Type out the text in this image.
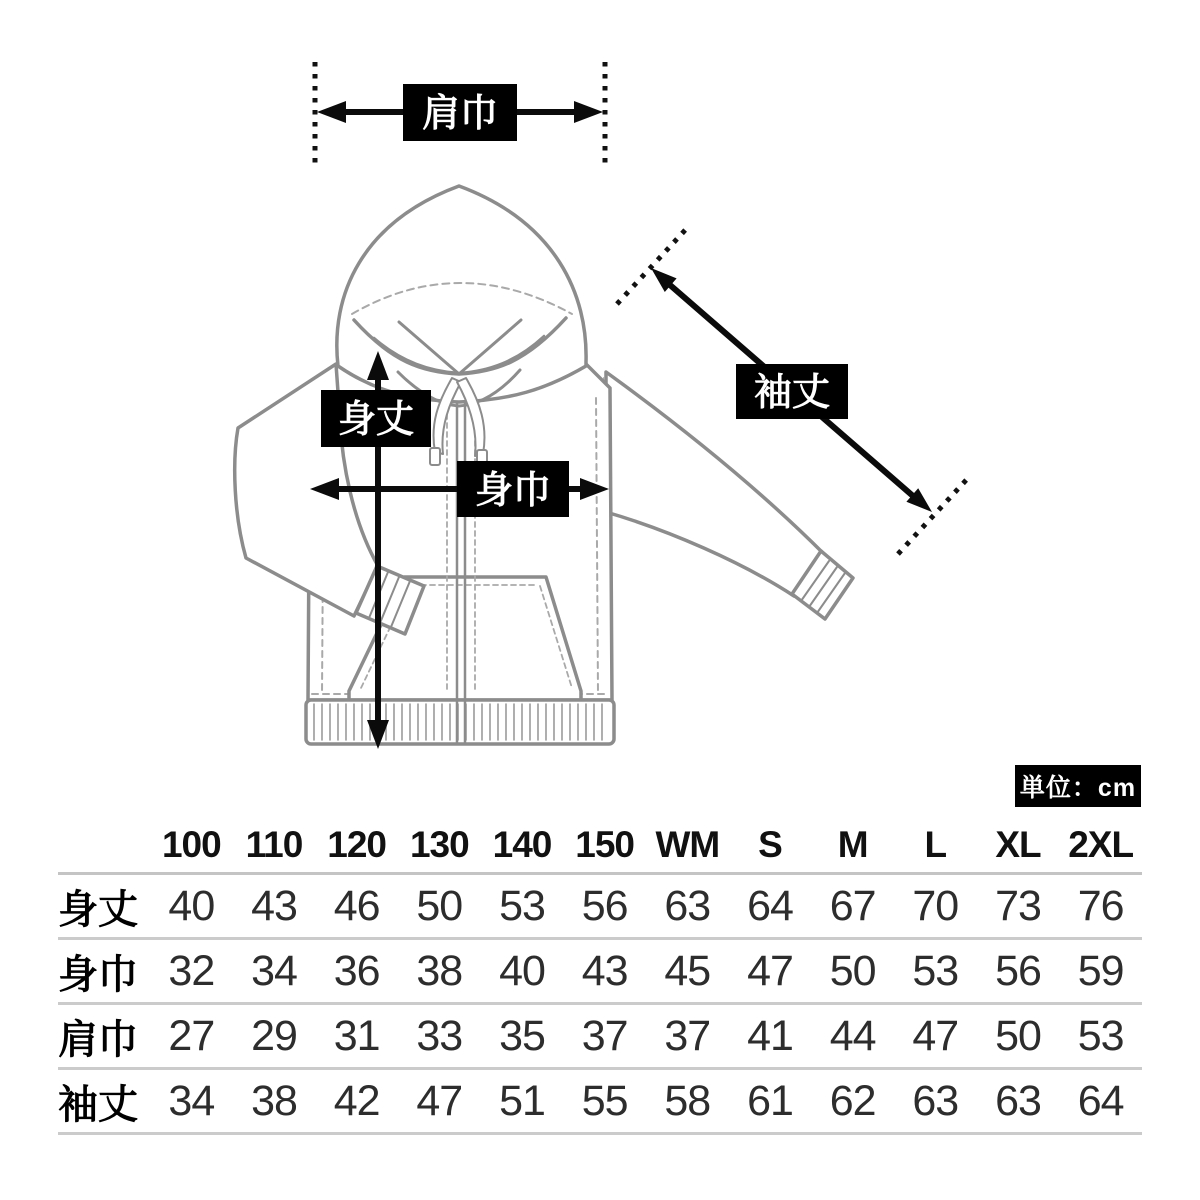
肩巾
身丈
身巾
袖丈
単位：cm
100 110 120 130 140 150 WM	S	M	L	XL 2XL
身丈 40 43 46 50 53 56 63 64 67 70 73 76
身巾 32 34 36 38 40 43 45 47 50 53 56 59
肩巾 27 29 31 33 35 37 37 41 44 47 50 53
袖丈 34 38 42 47 51 55 58 61 62 63 63 64
